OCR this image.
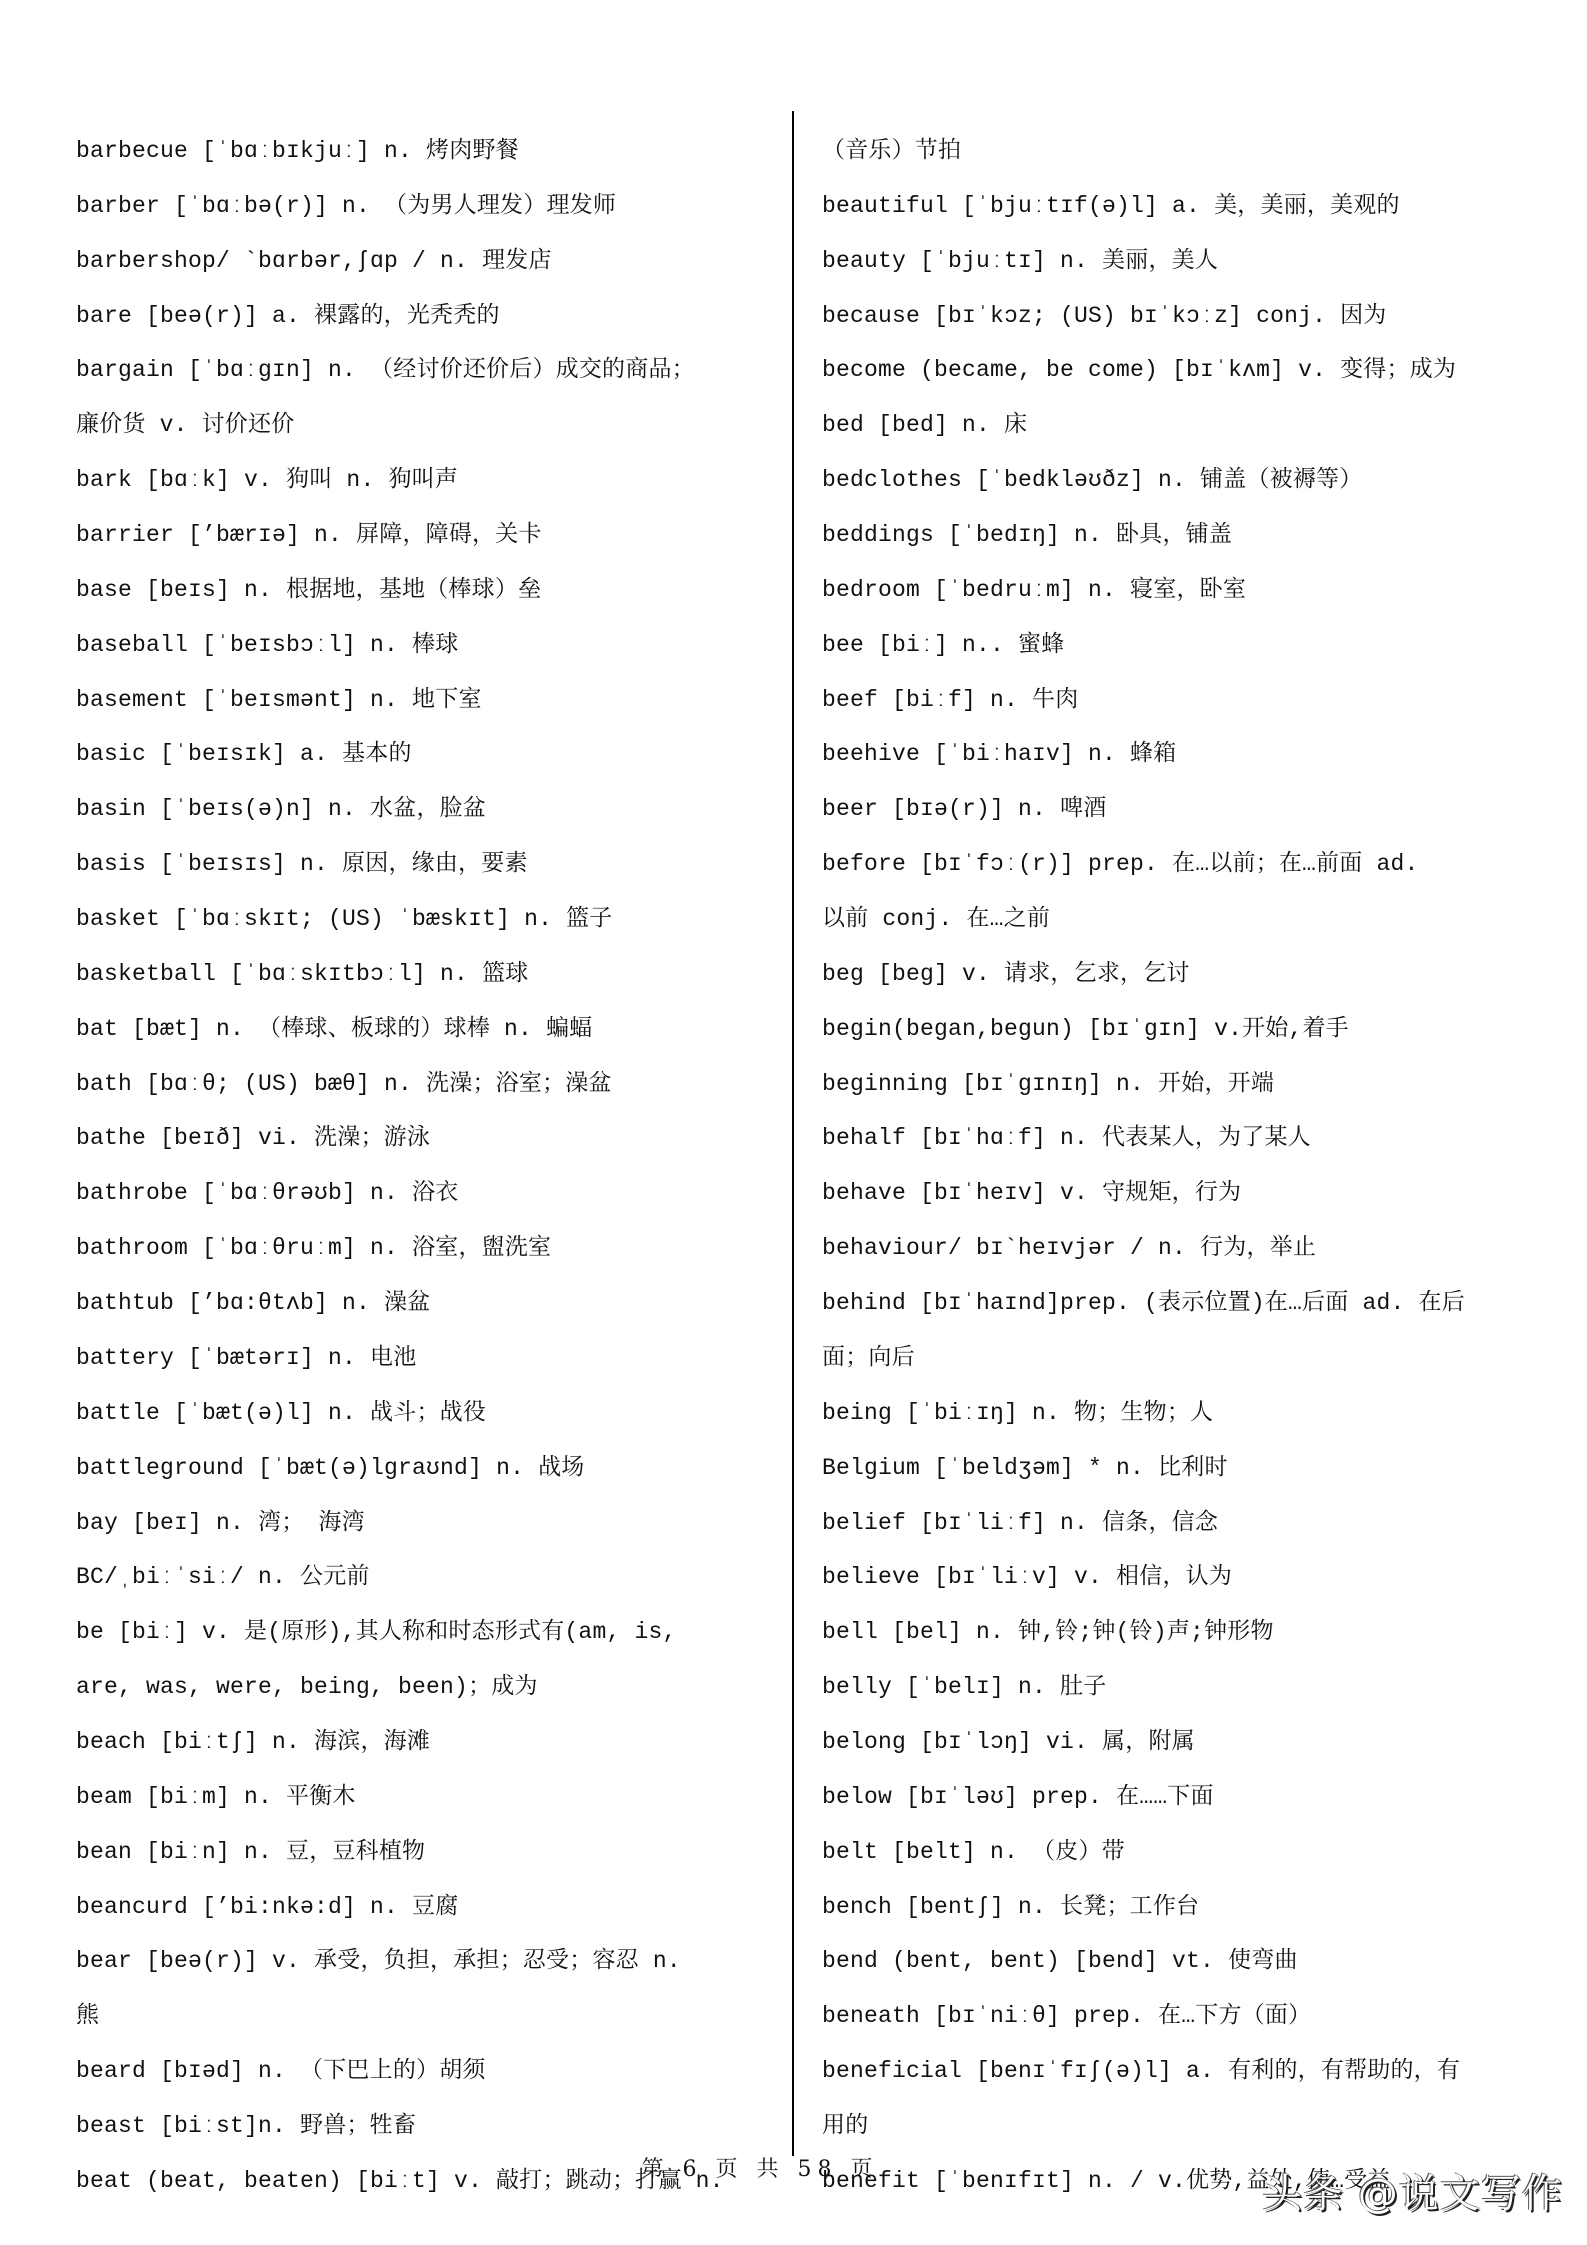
barbecue [ˈbɑːbɪkjuː] n. 烤肉野餐
barber [ˈbɑːbə(r)] n. （为男人理发）理发师
barbershop/ `bɑrbər,ʃɑp / n. 理发店
bare [beə(r)] a. 裸露的，光秃秃的
bargain [ˈbɑːɡɪn] n. （经讨价还价后）成交的商品；
廉价货 v. 讨价还价
bark [bɑːk] v. 狗叫 n. 狗叫声
barrier [’bærɪə] n. 屏障，障碍，关卡
base [beɪs] n. 根据地，基地（棒球）垒
baseball [ˈbeɪsbɔːl] n. 棒球
basement [ˈbeɪsmənt] n. 地下室
basic [ˈbeɪsɪk] a. 基本的
basin [ˈbeɪs(ə)n] n. 水盆，脸盆
basis [ˈbeɪsɪs] n. 原因，缘由，要素
basket [ˈbɑːskɪt; (US) ˈbæskɪt] n. 篮子
basketball [ˈbɑːskɪtbɔːl] n. 篮球
bat [bæt] n. （棒球、板球的）球棒 n. 蝙蝠
bath [bɑːθ; (US) bæθ] n. 洗澡；浴室；澡盆
bathe [beɪð] vi. 洗澡；游泳
bathrobe [ˈbɑːθrəʊb] n. 浴衣
bathroom [ˈbɑːθruːm] n. 浴室，盥洗室
bathtub [’bɑ:θtʌb] n. 澡盆
battery [ˈbætərɪ] n. 电池
battle [ˈbæt(ə)l] n. 战斗；战役
battleground [ˈbæt(ə)lɡraʊnd] n. 战场
bay [beɪ] n. 湾； 海湾
BC/ˌbiːˈsiː/ n. 公元前
be [biː] v. 是(原形),其人称和时态形式有(am, is,
are, was, were, being, been)；成为
beach [biːtʃ] n. 海滨，海滩
beam [biːm] n. 平衡木
bean [biːn] n. 豆，豆科植物
beancurd [’bi:nkə:d] n. 豆腐
bear [beə(r)] v. 承受，负担，承担；忍受；容忍 n.
熊
beard [bɪəd] n. （下巴上的）胡须
beast [biːst]n. 野兽；牲畜
beat (beat, beaten) [biːt] v. 敲打；跳动；打赢 n.
（音乐）节拍
beautiful [ˈbjuːtɪf(ə)l] a. 美，美丽，美观的
beauty [ˈbjuːtɪ] n. 美丽，美人
because [bɪˈkɔz; (US) bɪˈkɔːz] conj. 因为
become (became, be come) [bɪˈkʌm] v. 变得；成为
bed [bed] n. 床
bedclothes [ˈbedkləʊðz] n. 铺盖（被褥等）
beddings [ˈbedɪŋ] n. 卧具，铺盖
bedroom [ˈbedruːm] n. 寝室，卧室
bee [biː] n.. 蜜蜂
beef [biːf] n. 牛肉
beehive [ˈbiːhaɪv] n. 蜂箱
beer [bɪə(r)] n. 啤酒
before [bɪˈfɔː(r)] prep. 在…以前；在…前面 ad.
以前 conj. 在…之前
beg [beɡ] v. 请求，乞求，乞讨
begin(began,begun) [bɪˈɡɪn] v.开始,着手
beginning [bɪˈɡɪnɪŋ] n. 开始，开端
behalf [bɪˈhɑːf] n. 代表某人，为了某人
behave [bɪˈheɪv] v. 守规矩，行为
behaviour/ bɪ`heɪvjər / n. 行为，举止
behind [bɪˈhaɪnd]prep. (表示位置)在…后面 ad. 在后
面；向后
being [ˈbiːɪŋ] n. 物；生物；人
Belgium [ˈbeldʒəm] * n. 比利时
belief [bɪˈliːf] n. 信条，信念
believe [bɪˈliːv] v. 相信，认为
bell [bel] n. 钟,铃;钟(铃)声;钟形物
belly [ˈbelɪ] n. 肚子
belong [bɪˈlɔŋ] vi. 属，附属
below [bɪˈləʊ] prep. 在……下面
belt [belt] n. （皮）带
bench [bentʃ] n. 长凳；工作台
bend (bent, bent) [bend] vt. 使弯曲
beneath [bɪˈniːθ] prep. 在…下方（面）
beneficial [benɪˈfɪʃ(ə)l] a. 有利的，有帮助的，有
用的
benefit [ˈbenɪfɪt] n. / v.优势,益处,使…受益
第 6 页 共 58 页
头条 @说文写作
